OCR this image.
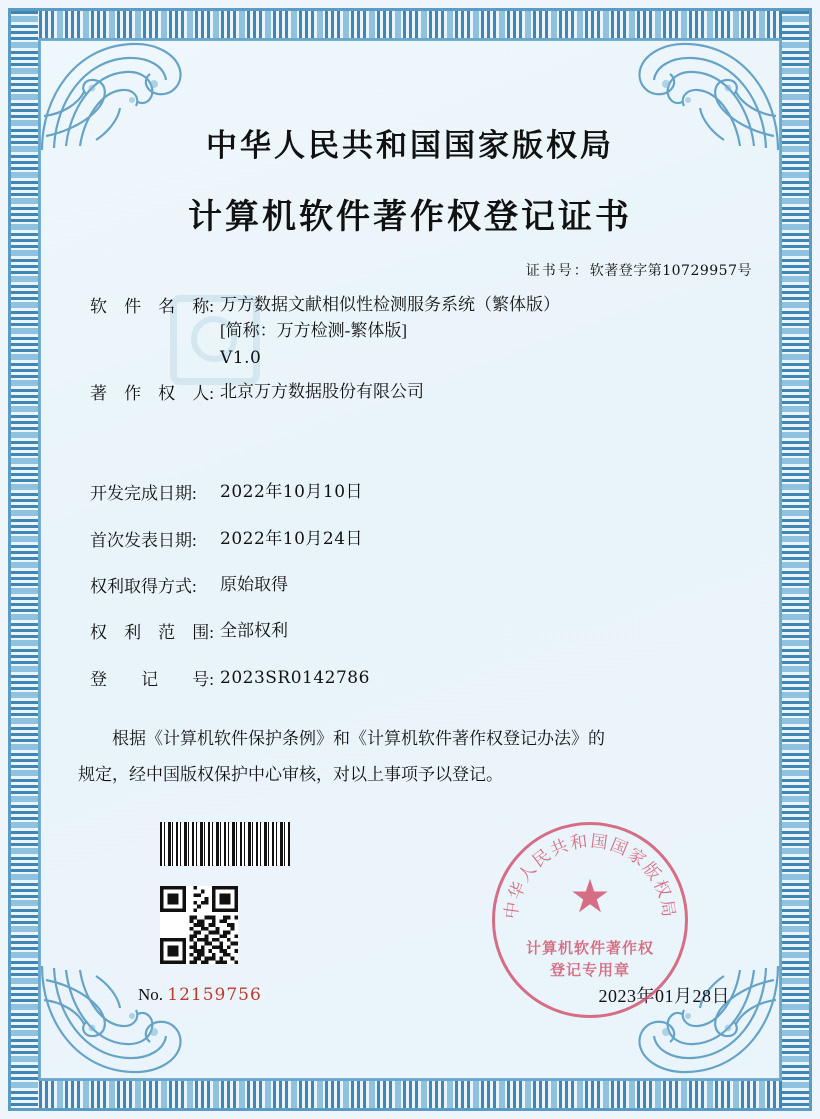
中华人民共和国国家版权局
计算机软件著作权登记证书
证书号：软著登字第10729957号
软 件 名 称: 万方数据文献相似性检测服务系统（繁体版）
[简称：万方检测-繁体版]
V1.0
著 作 权 人: 北京万方数据股份有限公司
开发完成日期:	2022年10月10日
首次发表日期:	2022年10月24日
权利取得方式:	原始取得
权 利 范 围: 全部权利
登 记 号: 2023SR0142786
根据《计算机软件保护条例》和《计算机软件著作权登记办法》的
规定，经中国版权保护中心审核，对以上事项予以登记。
No. 12159756	2023年01月28日
中华人民共和国国家版权局
★
计算机软件著作权
登记专用章
